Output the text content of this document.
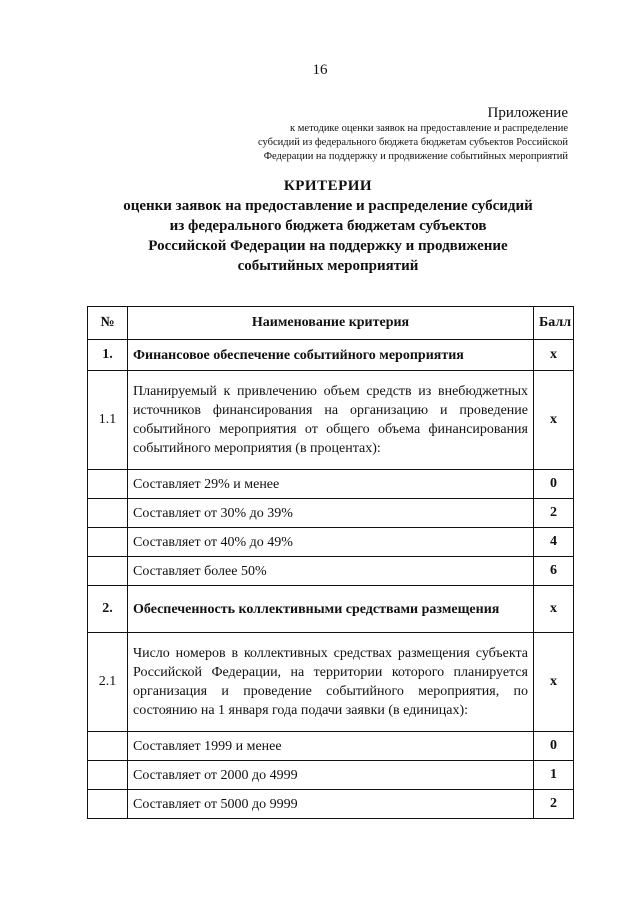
16
Приложение
к методике оценки заявок на предоставление и распределение
субсидий из федерального бюджета бюджетам субъектов Российской
Федерации на поддержку и продвижение событийных мероприятий
КРИТЕРИИ
оценки заявок на предоставление и распределение субсидий
из федерального бюджета бюджетам субъектов
Российской Федерации на поддержку и продвижение
событийных мероприятий
№	Наименование критерия	Балл
1.	Финансовое обеспечение событийного мероприятия	х
1.1	Планируемый к привлечению объем средств из внебюджетных источников финансирования на организацию и проведение событийного мероприятия от общего объема финансирования событийного мероприятия (в процентах):	х
	Составляет 29% и менее	0
	Составляет от 30% до 39%	2
	Составляет от 40% до 49%	4
	Составляет более 50%	6
2.	Обеспеченность коллективными средствами размещения	х
2.1	Число номеров в коллективных средствах размещения субъекта Российской Федерации, на территории которого планируется организация и проведение событийного мероприятия, по состоянию на 1 января года подачи заявки (в единицах):	х
	Составляет 1999 и менее	0
	Составляет от 2000 до 4999	1
	Составляет от 5000 до 9999	2
